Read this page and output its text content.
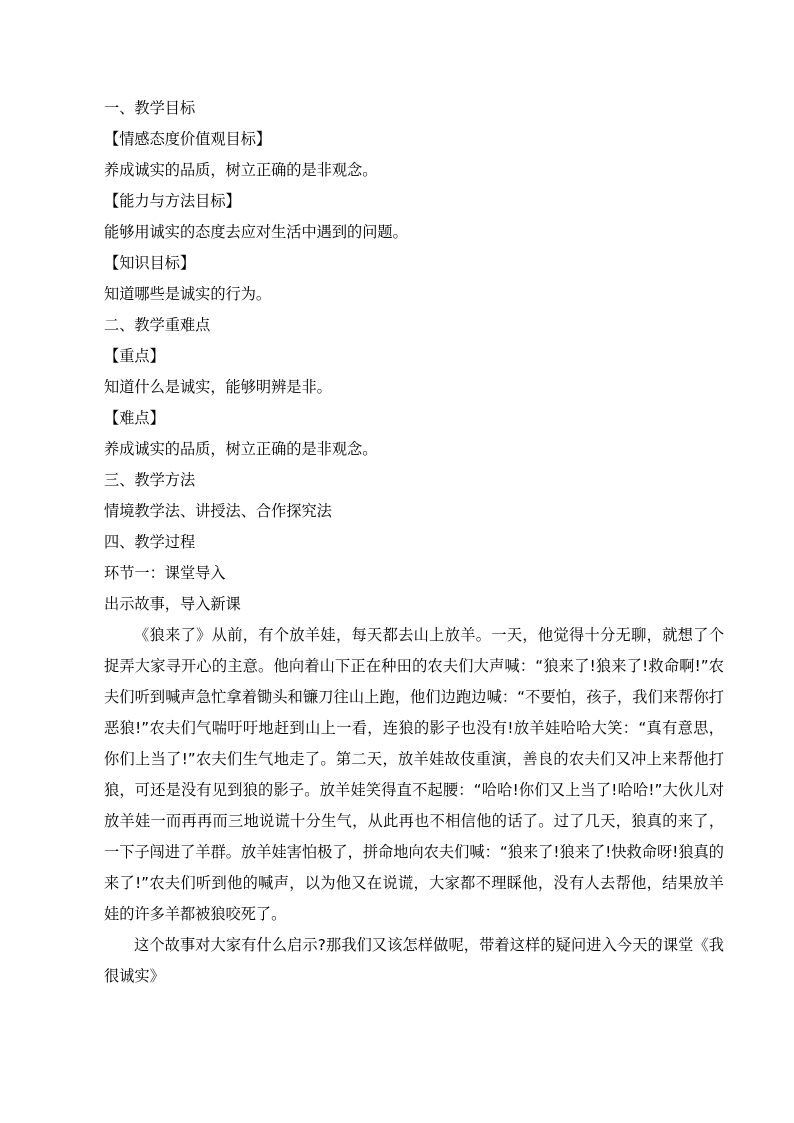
一、教学目标

【情感态度价值观目标】

养成诚实的品质，树立正确的是非观念。

【能力与方法目标】

能够用诚实的态度去应对生活中遇到的问题。

【知识目标】

知道哪些是诚实的行为。

二、教学重难点

【重点】

知道什么是诚实，能够明辨是非。

【难点】

养成诚实的品质，树立正确的是非观念。

三、教学方法

情境教学法、讲授法、合作探究法

四、教学过程

环节一：课堂导入

出示故事，导入新课

《狼来了》从前，有个放羊娃，每天都去山上放羊。一天，他觉得十分无聊，就想了个捉弄大家寻开心的主意。他向着山下正在种田的农夫们大声喊：“狼来了!狼来了!救命啊!”农夫们听到喊声急忙拿着锄头和镰刀往山上跑，他们边跑边喊：“不要怕，孩子，我们来帮你打恶狼!”农夫们气喘吁吁地赶到山上一看，连狼的影子也没有!放羊娃哈哈大笑：“真有意思，你们上当了!”农夫们生气地走了。第二天，放羊娃故伎重演，善良的农夫们又冲上来帮他打狼，可还是没有见到狼的影子。放羊娃笑得直不起腰：“哈哈!你们又上当了!哈哈!”大伙儿对放羊娃一而再再而三地说谎十分生气，从此再也不相信他的话了。过了几天，狼真的来了，一下子闯进了羊群。放羊娃害怕极了，拼命地向农夫们喊：“狼来了!狼来了!快救命呀!狼真的来了!”农夫们听到他的喊声，以为他又在说谎，大家都不理睬他，没有人去帮他，结果放羊娃的许多羊都被狼咬死了。

这个故事对大家有什么启示?那我们又该怎样做呢，带着这样的疑问进入今天的课堂《我很诚实》
